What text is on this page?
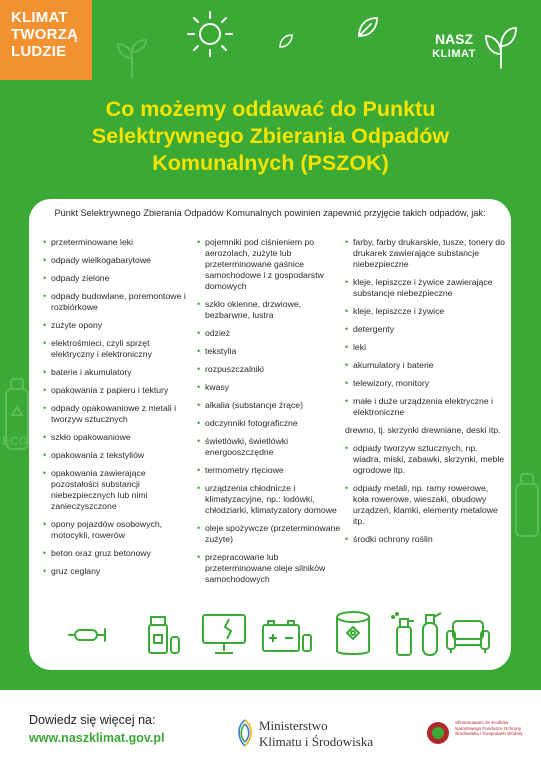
KLIMAT
TWORZĄ
LUDZIE
NASZ
KLIMAT
ECO
Co możemy oddawać do Punktu
Selektrywnego Zbierania Odpadów
Komunalnych (PSZOK)
Punkt Selektrywnego Zbierania Odpadów Komunalnych powinien zapewnić przyjęcie takich odpadów, jak:
• przeterminowane leki
• odpady wielkogabarytowe
• odpady zielone
• odpady budowlane, poremontowe i rozbiórkowe
• zużyte opony
• elektrośmieci, czyli sprzęt elektryczny i elektroniczny
• baterie i akumulatory
• opakowania z papieru i tektury
• odpady opakowaniowe z metali i tworzyw sztucznych
• szkło opakowaniowe
• opakowania z tekstyliów
• opakowania zawierające pozostałości substancji niebezpiecznych lub nimi zanieczyszczone
• opony pojazdów osobowych, motocykli, rowerów
• beton oraz gruz betonowy
• gruz ceglany
• pojemniki pod ciśnieniem po aerozolach, zużyte lub przeterminowane gaśnice samochodowe i z gospodarstw domowych
• szkło okienne, drzwiowe, bezbarwne, lustra
• odzież
• tekstylia
• rozpuszczalniki
• kwasy
• alkalia (substancje żrące)
• odczynniki fotograficzne
• świetlówki, świetlówki energooszczędne
• termometry rtęciowe
• urządzenia chłodnicze i klimatyzacyjne, np.: lodówki, chłodziarki, klimatyzatory domowe
• oleje spożywcze (przeterminowane zużyte)
• przepracowane lub przeterminowane oleje silników samochodowych
• farby, farby drukarskie, tusze, tonery do drukarek zawierające substancje niebezpieczne
• kleje, lepiszcze i żywice zawierające substancje niebezpieczne
• kleje, lepiszcze i żywice
• detergenty
• leki
• akumulatory i baterie
• telewizory, monitory
• małe i duże urządzenia elektryczne i elektroniczne
drewno, tj. skrzynki drewniane, deski itp.
• odpady tworzyw sztucznych, np. wiadra, miski, zabawki, skrzynki, meble ogrodowe itp.
• odpady metali, np. ramy rowerowe, koła rowerowe, wieszaki, obudowy urządzeń, klamki, elementy metalowe itp.
• środki ochrony roślin
Dowiedz się więcej na:
www.naszklimat.gov.pl
Ministerstwo
Klimatu i Środowiska
Sfinansowano ze środków Narodowego Funduszu Ochrony Środowiska i Gospodarki Wodnej
